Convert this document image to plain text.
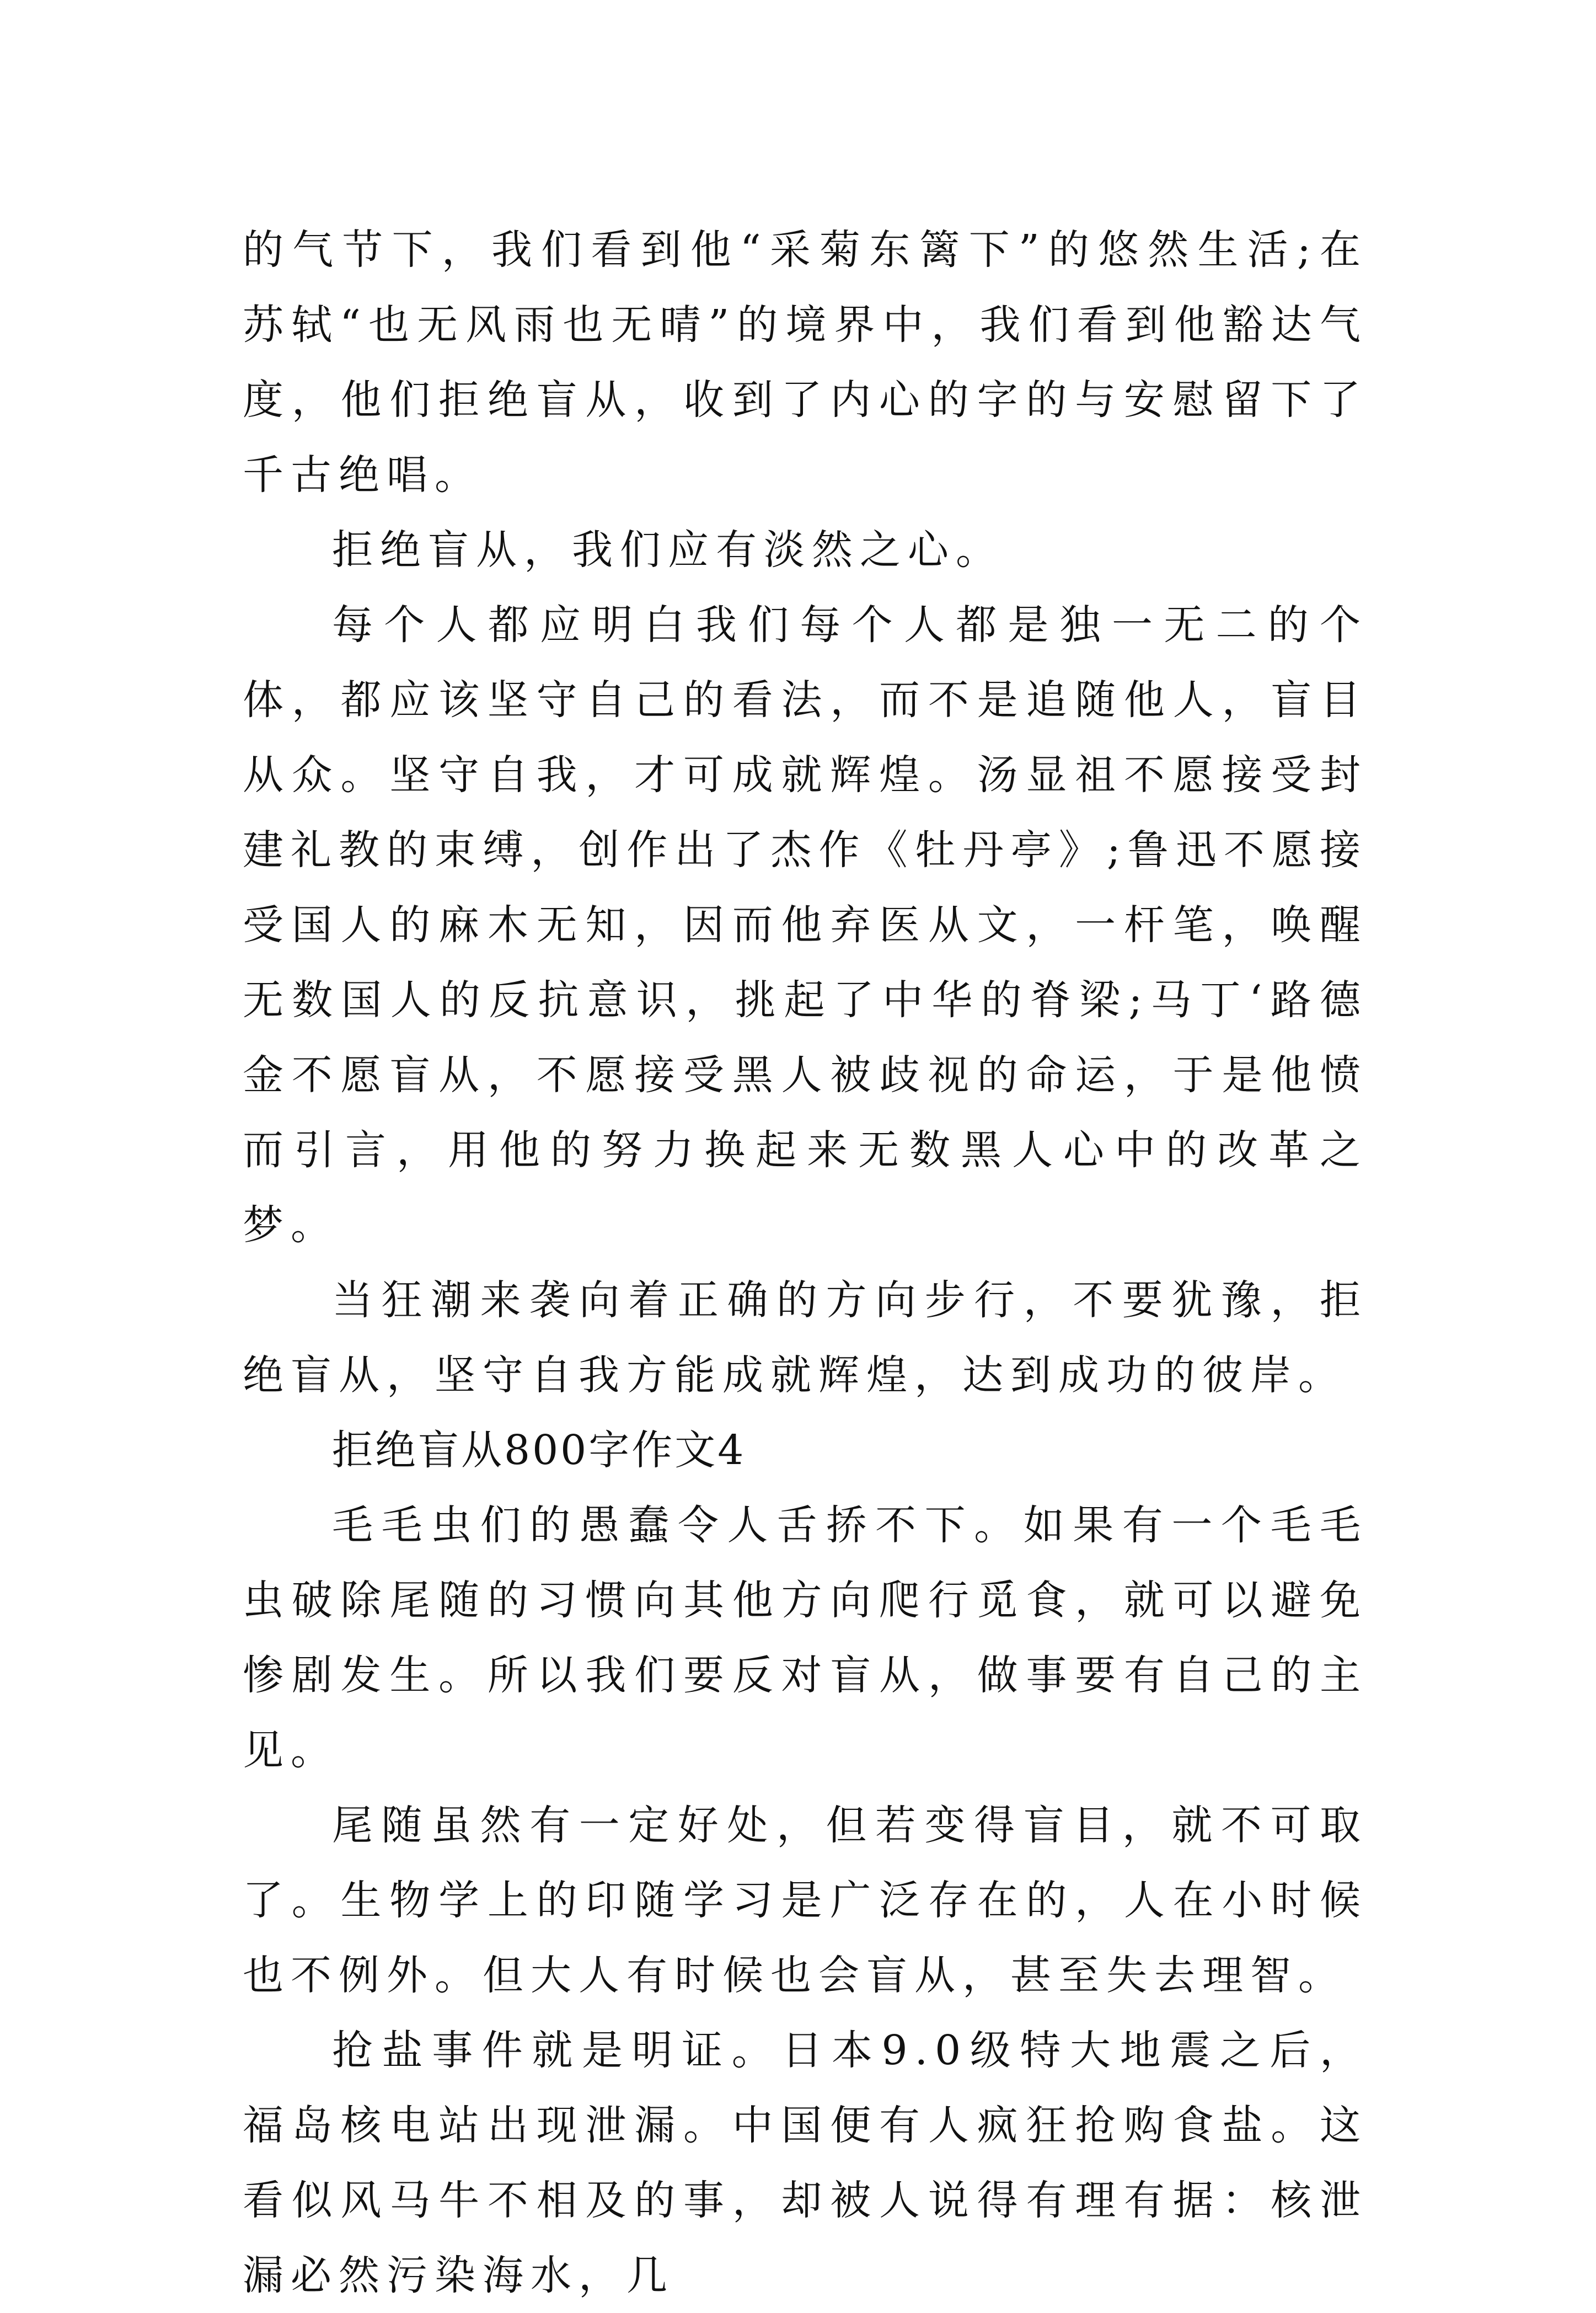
的气节下，我们看到他“采菊东篱下”的悠然生活;在苏轼“也无风雨也无晴”的境界中，我们看到他豁达气度，他们拒绝盲从，收到了内心的字的与安慰留下了千古绝唱。

拒绝盲从，我们应有淡然之心。

每个人都应明白我们每个人都是独一无二的个体，都应该坚守自己的看法，而不是追随他人，盲目从众。坚守自我，才可成就辉煌。汤显祖不愿接受封建礼教的束缚，创作出了杰作《牡丹亭》;鲁迅不愿接受国人的麻木无知，因而他弃医从文，一杆笔，唤醒无数国人的反抗意识，挑起了中华的脊梁;马丁‘路德金不愿盲从，不愿接受黑人被歧视的命运，于是他愤而引言，用他的努力换起来无数黑人心中的改革之梦。

当狂潮来袭向着正确的方向步行，不要犹豫，拒绝盲从，坚守自我方能成就辉煌，达到成功的彼岸。

拒绝盲从800字作文4

毛毛虫们的愚蠢令人舌挢不下。如果有一个毛毛虫破除尾随的习惯向其他方向爬行觅食，就可以避免惨剧发生。所以我们要反对盲从，做事要有自己的主见。

尾随虽然有一定好处，但若变得盲目，就不可取了。生物学上的印随学习是广泛存在的，人在小时候也不例外。但大人有时候也会盲从，甚至失去理智。

抢盐事件就是明证。日本9.0级特大地震之后，福岛核电站出现泄漏。中国便有人疯狂抢购食盐。这看似风马牛不相及的事，却被人说得有理有据：核泄漏必然污染海水，几
